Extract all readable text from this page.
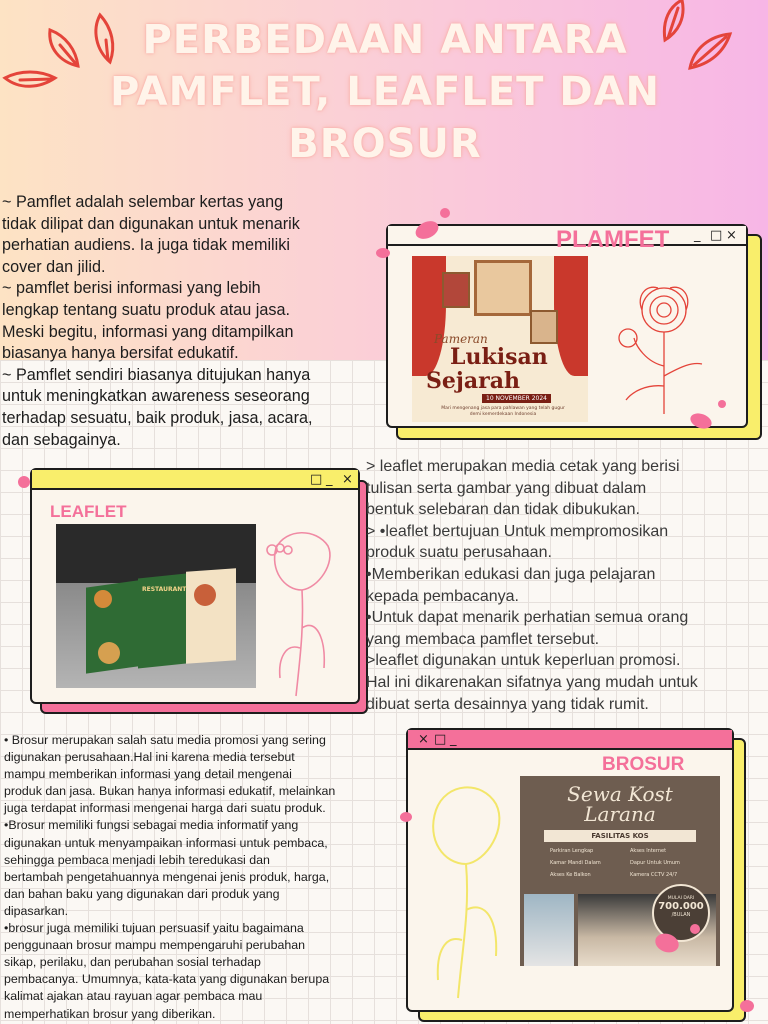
PERBEDAAN ANTARA
PAMFLET, LEAFLET DAN
BROSUR
~ Pamflet adalah selembar kertas yang
tidak dilipat dan digunakan untuk menarik
perhatian audiens. Ia juga tidak memiliki
cover dan jilid.
~ pamflet berisi informasi yang lebih
lengkap tentang suatu produk atau jasa.
Meski begitu, informasi yang ditampilkan
biasanya hanya bersifat edukatif.
~ Pamflet sendiri biasanya ditujukan hanya
untuk meningkatkan awareness seseorang
terhadap sesuatu, baik produk, jasa, acara,
dan sebagainya.
_ □ ×
PLAMFET
Pameran
Lukisan
Sejarah
10 NOVEMBER 2024
Mari mengenang jasa para pahlawan yang telah gugur demi kemerdekaan Indonesia
□ _ ×
LEAFLET
RESTAURANT
> leaflet merupakan media cetak yang berisi
tulisan serta gambar yang dibuat dalam
bentuk selebaran dan tidak dibukukan.
> •leaflet bertujuan Untuk mempromosikan
produk suatu perusahaan.
•Memberikan edukasi dan juga pelajaran
kepada pembacanya.
•Untuk dapat menarik perhatian semua orang
yang membaca pamflet tersebut.
>leaflet digunakan untuk keperluan promosi.
Hal ini dikarenakan sifatnya yang mudah untuk
dibuat serta desainnya yang tidak rumit.
• Brosur merupakan salah satu media promosi yang sering
digunakan perusahaan.Hal ini karena media tersebut
mampu memberikan informasi yang detail mengenai
produk dan jasa. Bukan hanya informasi edukatif, melainkan
juga terdapat informasi mengenai harga dari suatu produk.
•Brosur memiliki fungsi sebagai media informatif yang
digunakan untuk menyampaikan informasi untuk pembaca,
sehingga pembaca menjadi lebih teredukasi dan
bertambah pengetahuannya mengenai jenis produk, harga,
dan bahan baku yang digunakan dari produk yang
dipasarkan.
•brosur juga memiliki tujuan persuasif yaitu bagaimana
penggunaan brosur mampu mempengaruhi perubahan
sikap, perilaku, dan perubahan sosial terhadap
pembacanya. Umumnya, kata-kata yang digunakan berupa
kalimat ajakan atau rayuan agar pembaca mau
memperhatikan brosur yang diberikan.
× □ _
BROSUR
Sewa Kost
Larana
FASILITAS KOS
Parkiran Lengkap	Akses Internet
Kamar Mandi Dalam	Dapur Untuk Umum
Akses Ke Balkon	Kamera CCTV 24/7
MULAI DARI
700.000
/BULAN
